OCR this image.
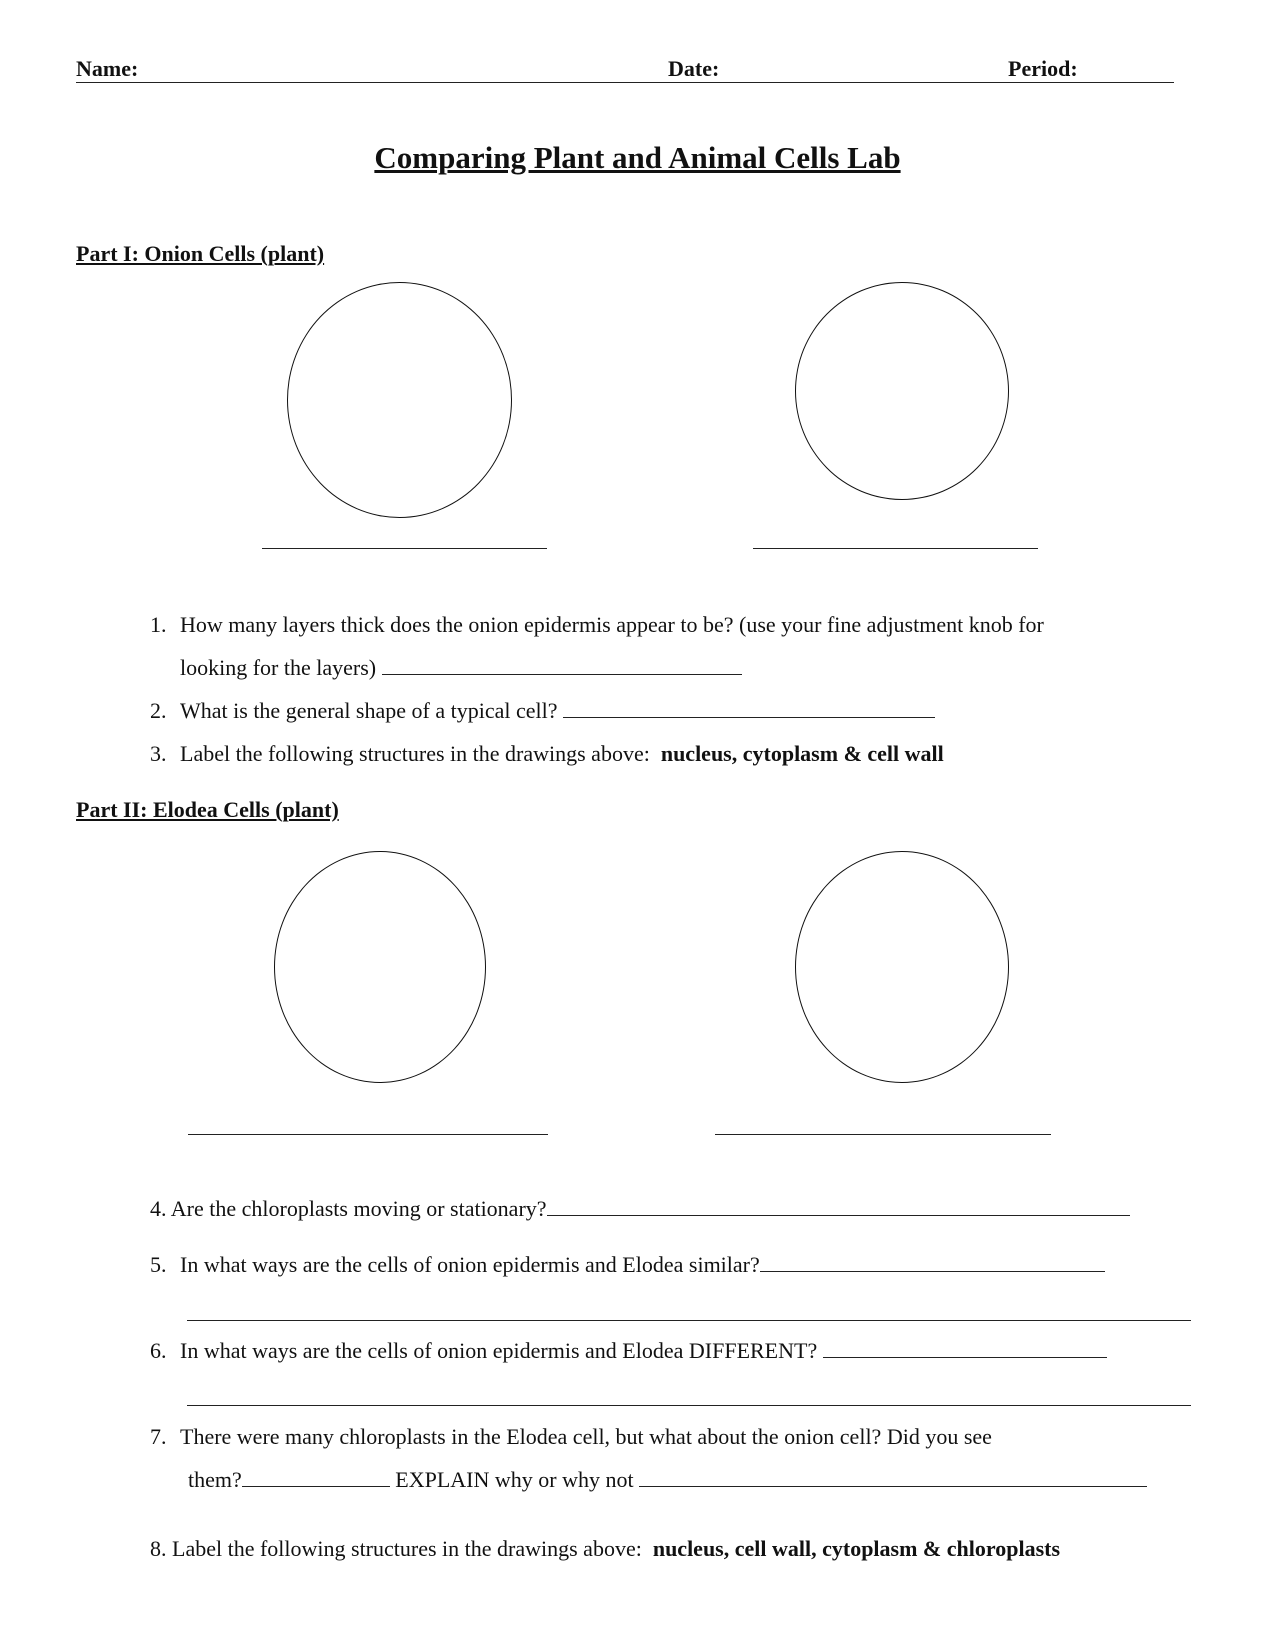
Name:	Date:	Period:
Comparing Plant and Animal Cells Lab
Part I: Onion Cells (plant)
1. How many layers thick does the onion epidermis appear to be? (use your fine adjustment knob for
looking for the layers)
2. What is the general shape of a typical cell?
3. Label the following structures in the drawings above: nucleus, cytoplasm & cell wall
Part II: Elodea Cells (plant)
4. Are the chloroplasts moving or stationary?
5. In what ways are the cells of onion epidermis and Elodea similar?
6. In what ways are the cells of onion epidermis and Elodea DIFFERENT?
7. There were many chloroplasts in the Elodea cell, but what about the onion cell? Did you see
them?	EXPLAIN why or why not
8. Label the following structures in the drawings above: nucleus, cell wall, cytoplasm & chloroplasts
